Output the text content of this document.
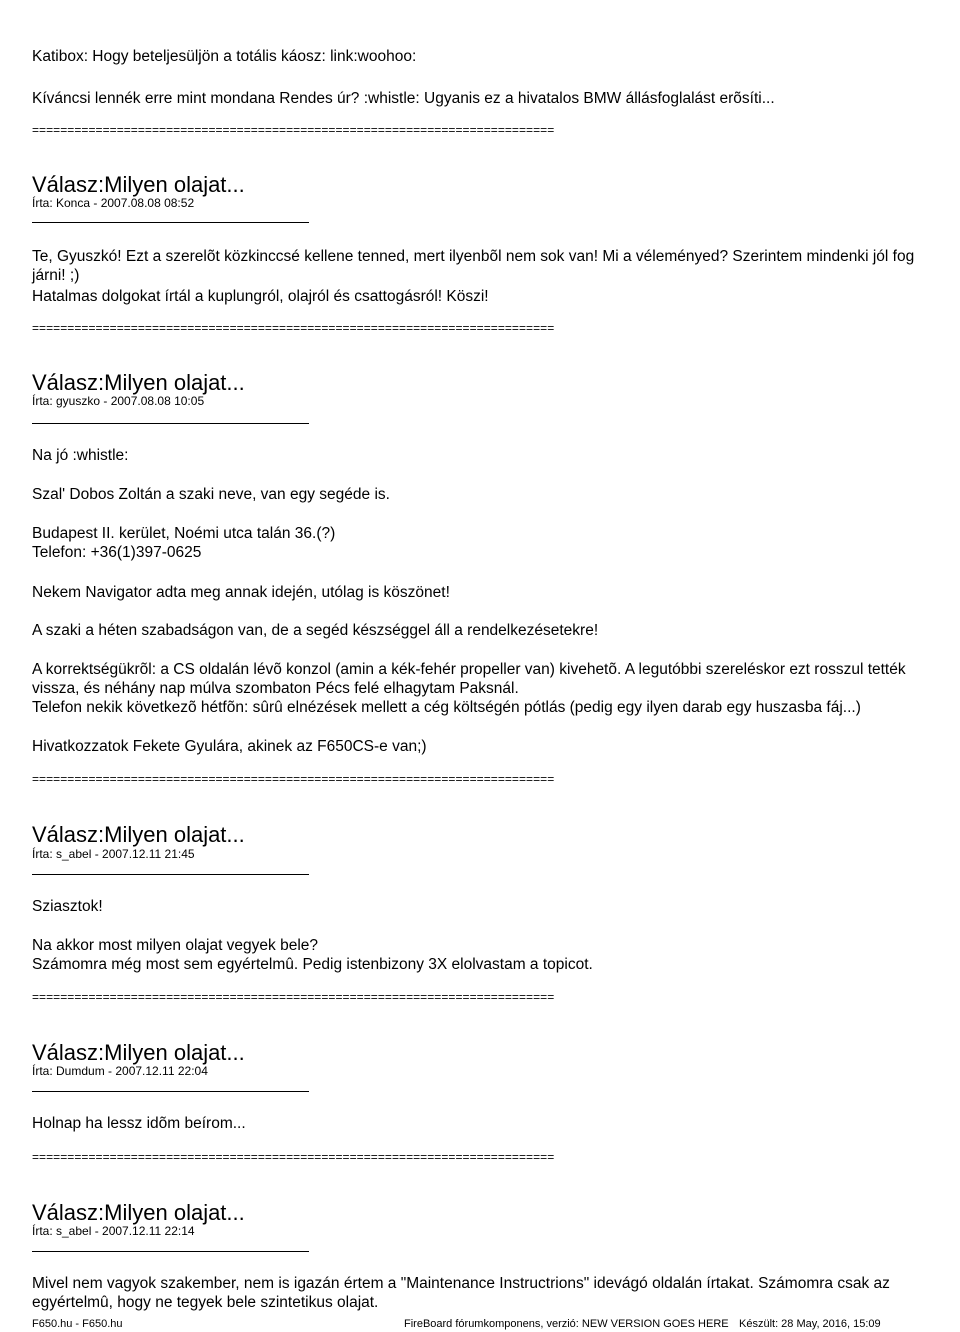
Katibox: Hogy beteljesüljön a totális káosz: link:woohoo:
Kíváncsi lennék erre mint mondana Rendes úr? :whistle: Ugyanis ez a hivatalos BMW állásfoglalást erõsíti...
==========================================================================
Válasz:Milyen olajat...
Írta: Konca - 2007.08.08 08:52
Te, Gyuszkó! Ezt a szerelõt közkinccsé kellene tenned, mert ilyenbõl nem sok van! Mi a véleményed? Szerintem mindenki jól fog járni! ;)
Hatalmas dolgokat írtál a kuplungról, olajról és csattogásról! Köszi!
==========================================================================
Válasz:Milyen olajat...
Írta: gyuszko - 2007.08.08 10:05
Na jó :whistle:
Szal' Dobos Zoltán a szaki neve, van egy segéde is.
Budapest II. kerület, Noémi utca talán 36.(?)
Telefon: +36(1)397-0625
Nekem Navigator adta meg annak idején, utólag is köszönet!
A szaki a héten szabadságon van, de a segéd készséggel áll a rendelkezésetekre!
A korrektségükrõl: a CS oldalán lévõ konzol (amin a kék-fehér propeller van) kivehetõ. A legutóbbi szereléskor ezt rosszul tették vissza, és néhány nap múlva szombaton Pécs felé elhagytam Paksnál.
Telefon nekik következõ hétfõn: sûrû elnézések mellett a cég költségén pótlás (pedig egy ilyen darab egy huszasba fáj...)
Hivatkozzatok Fekete Gyulára, akinek az F650CS-e van;)
==========================================================================
Válasz:Milyen olajat...
Írta: s_abel - 2007.12.11 21:45
Sziasztok!
Na akkor most milyen olajat vegyek bele?
Számomra még most sem egyértelmû. Pedig istenbizony 3X elolvastam a topicot.
==========================================================================
Válasz:Milyen olajat...
Írta: Dumdum - 2007.12.11 22:04
Holnap ha lessz idõm beírom...
==========================================================================
Válasz:Milyen olajat...
Írta: s_abel - 2007.12.11 22:14
Mivel nem vagyok szakember, nem is igazán értem a "Maintenance Instructrions" idevágó oldalán írtakat. Számomra csak az egyértelmû, hogy ne tegyek bele szintetikus olajat.
F650.hu - F650.hu	FireBoard fórumkomponens, verzió: NEW VERSION GOES HERE Készült: 28 May, 2016, 15:09
